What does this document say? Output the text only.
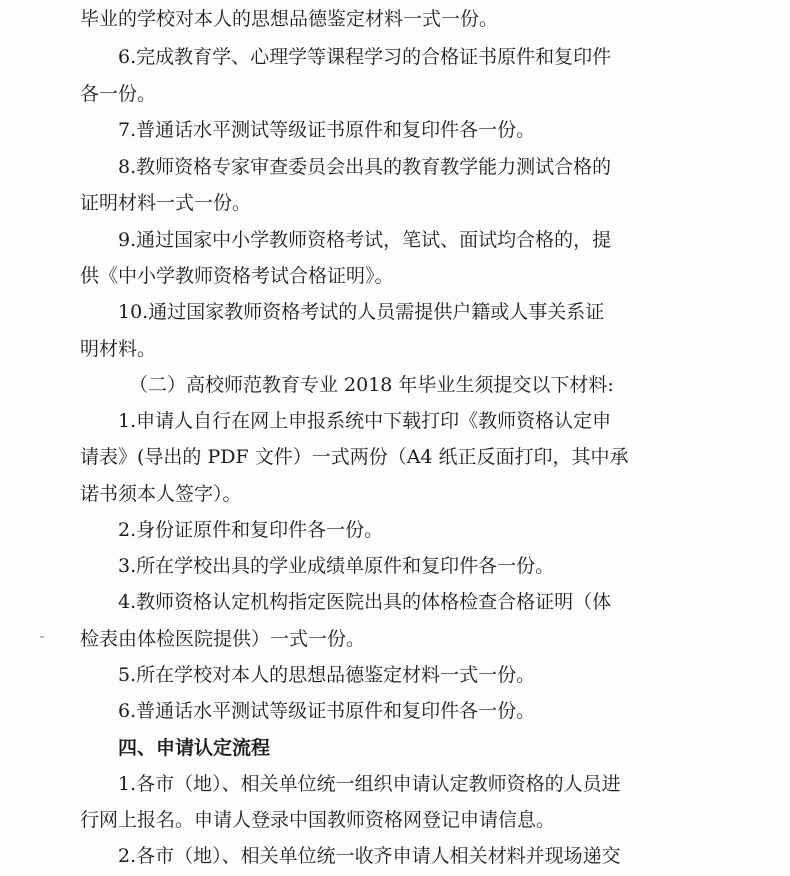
毕业的学校对本人的思想品德鉴定材料一式一份。
6.完成教育学、心理学等课程学习的合格证书原件和复印件
各一份。
7.普通话水平测试等级证书原件和复印件各一份。
8.教师资格专家审查委员会出具的教育教学能力测试合格的
证明材料一式一份。
9.通过国家中小学教师资格考试，笔试、面试均合格的，提
供《中小学教师资格考试合格证明》。
10.通过国家教师资格考试的人员需提供户籍或人事关系证
明材料。
（二）高校师范教育专业 2018 年毕业生须提交以下材料:
1.申请人自行在网上申报系统中下载打印《教师资格认定申
请表》(导出的 PDF 文件）一式两份（A4 纸正反面打印，其中承
诺书须本人签字）。
2.身份证原件和复印件各一份。
3.所在学校出具的学业成绩单原件和复印件各一份。
4.教师资格认定机构指定医院出具的体格检查合格证明（体
检表由体检医院提供）一式一份。
5.所在学校对本人的思想品德鉴定材料一式一份。
6.普通话水平测试等级证书原件和复印件各一份。
四、申请认定流程
1.各市（地）、相关单位统一组织申请认定教师资格的人员进
行网上报名。申请人登录中国教师资格网登记申请信息。
2.各市（地）、相关单位统一收齐申请人相关材料并现场递交
